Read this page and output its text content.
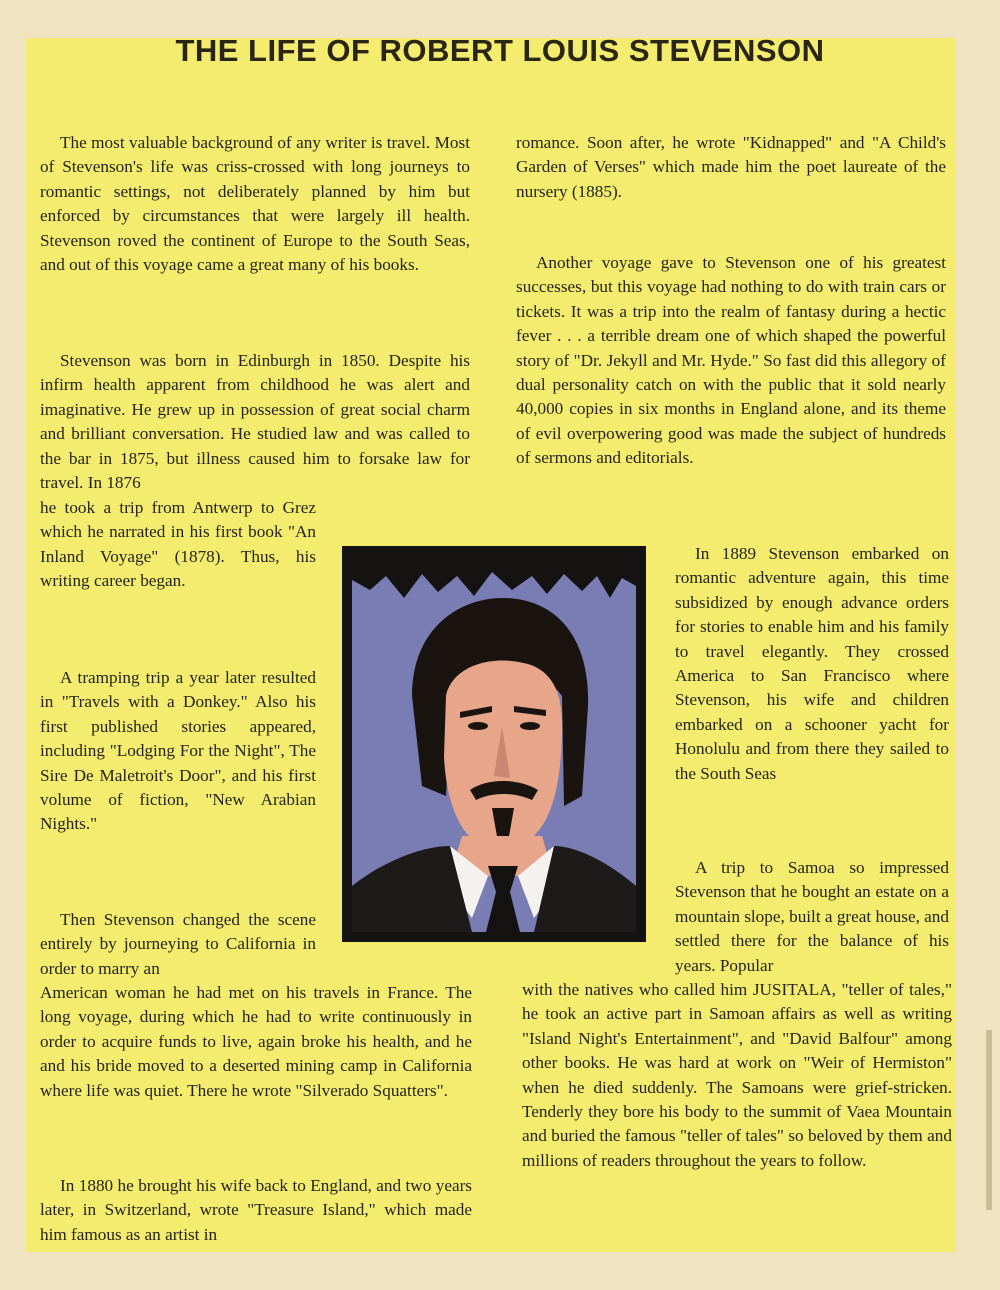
THE LIFE OF ROBERT LOUIS STEVENSON

The most valuable background of any writer is travel. Most of Stevenson's life was criss-crossed with long journeys to romantic settings, not deliberately planned by him but enforced by circumstances that were largely ill health. Stevenson roved the continent of Europe to the South Seas, and out of this voyage came a great many of his books.

Stevenson was born in Edinburgh in 1850. Despite his infirm health apparent from childhood he was alert and imaginative. He grew up in possession of great social charm and brilliant conversation. He studied law and was called to the bar in 1875, but illness caused him to forsake law for travel. In 1876

he took a trip from Antwerp to Grez which he narrated in his first book "An Inland Voyage" (1878). Thus, his writing career began.

A tramping trip a year later resulted in "Travels with a Donkey." Also his first published stories appeared, including "Lodging For the Night", The Sire De Maletroit's Door", and his first volume of fiction, "New Arabian Nights."

Then Stevenson changed the scene entirely by journeying to California in order to marry an

American woman he had met on his travels in France. The long voyage, during which he had to write continuously in order to acquire funds to live, again broke his health, and he and his bride moved to a deserted mining camp in California where life was quiet. There he wrote "Silverado Squatters".

In 1880 he brought his wife back to England, and two years later, in Switzerland, wrote "Treasure Island," which made him famous as an artist in

romance. Soon after, he wrote "Kidnapped" and "A Child's Garden of Verses" which made him the poet laureate of the nursery (1885).

Another voyage gave to Stevenson one of his greatest successes, but this voyage had nothing to do with train cars or tickets. It was a trip into the realm of fantasy during a hectic fever . . . a terrible dream one of which shaped the powerful story of "Dr. Jekyll and Mr. Hyde." So fast did this allegory of dual personality catch on with the public that it sold nearly 40,000 copies in six months in England alone, and its theme of evil overpowering good was made the subject of hundreds of sermons and editorials.

In 1889 Stevenson embarked on romantic adventure again, this time subsidized by enough advance orders for stories to enable him and his family to travel elegantly. They crossed America to San Francisco where Stevenson, his wife and children embarked on a schooner yacht for Honolulu and from there they sailed to the South Seas

A trip to Samoa so impressed Stevenson that he bought an estate on a mountain slope, built a great house, and settled there for the balance of his years. Popular

with the natives who called him JUSITALA, "teller of tales," he took an active part in Samoan affairs as well as writing "Island Night's Entertainment", and "David Balfour" among other books. He was hard at work on "Weir of Hermiston" when he died suddenly. The Samoans were grief-stricken. Tenderly they bore his body to the summit of Vaea Mountain and buried the famous "teller of tales" so beloved by them and millions of readers throughout the years to follow.
